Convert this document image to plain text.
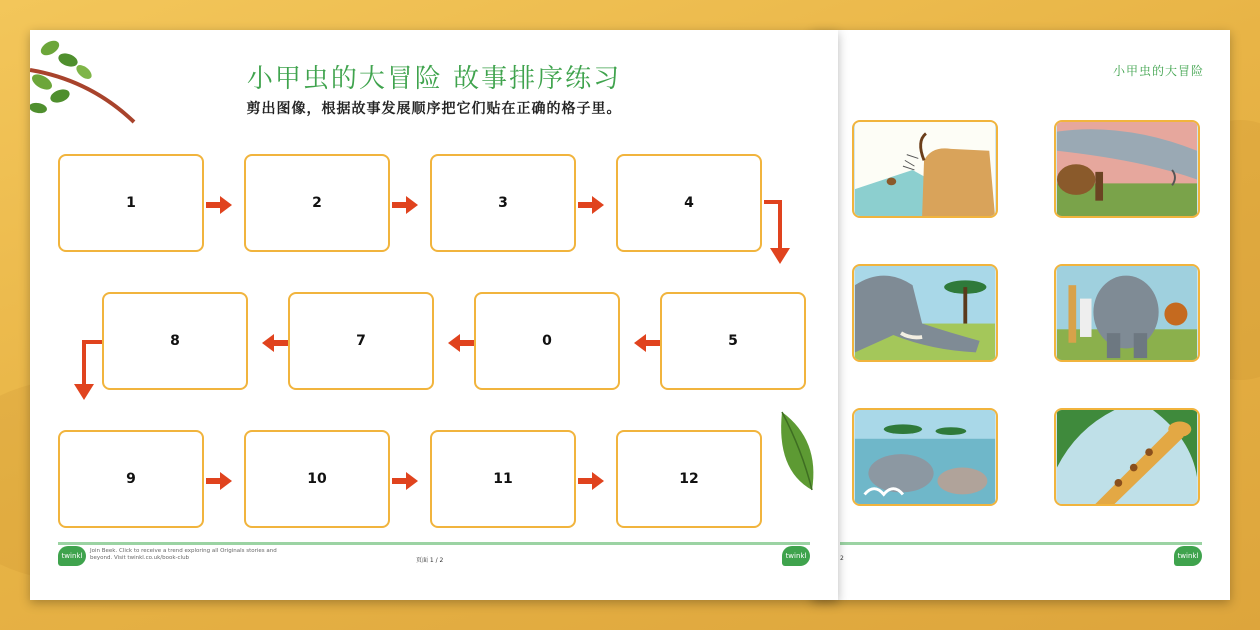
小甲虫的大冒险
2	twinkl
小甲虫的大冒险 故事排序练习
剪出图像，根据故事发展顺序把它们贴在正确的格子里。
1	2	3	4
5
0
7
8
9	10	11	12
twinkl
Join Beek. Click to receive a trend exploring all Originals stories and beyond. Visit twinkl.co.uk/book-club	页面 1 / 2
twinkl
